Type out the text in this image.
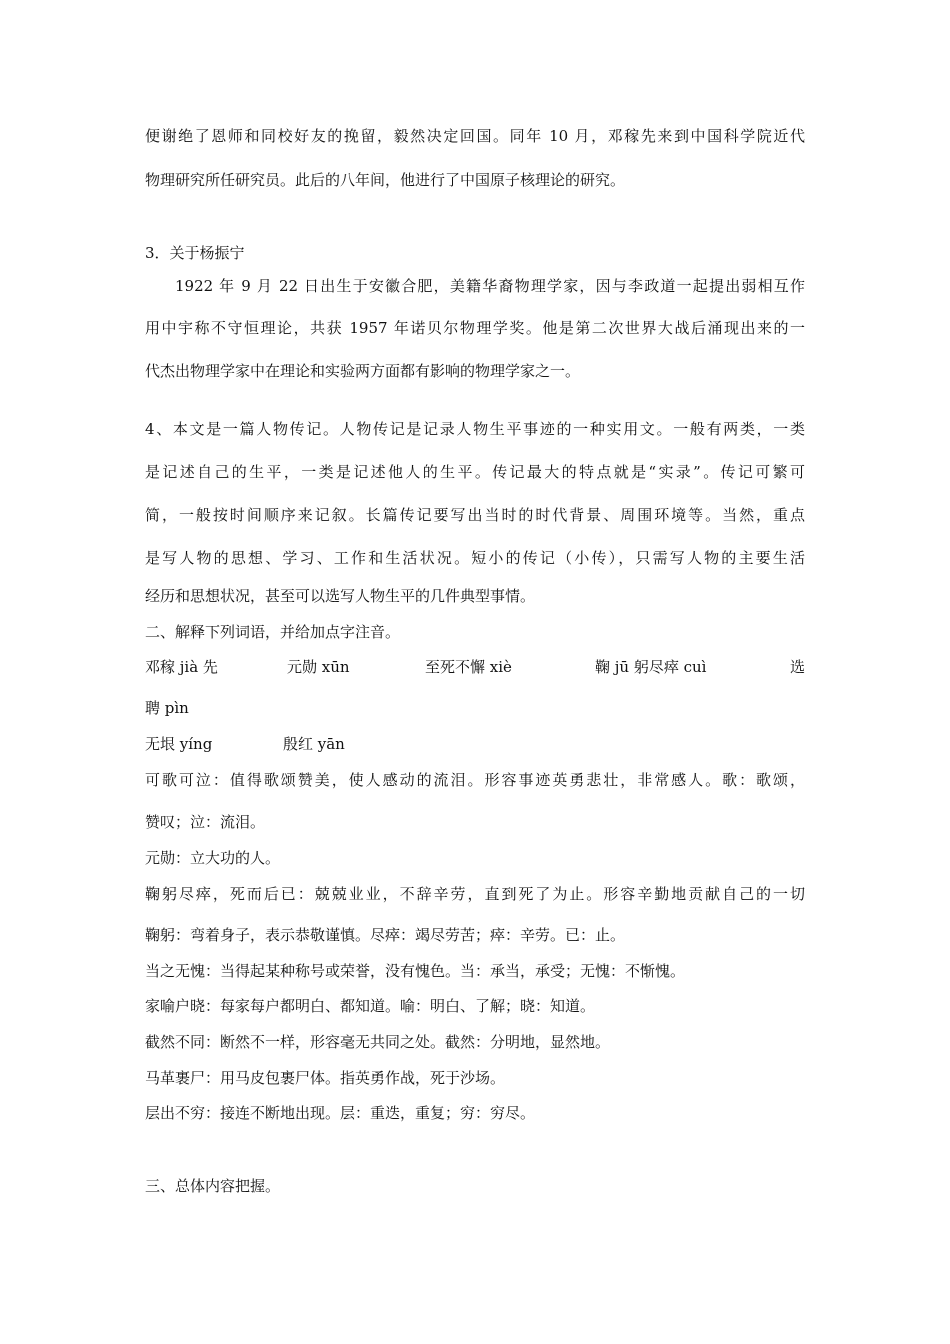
便谢绝了恩师和同校好友的挽留，毅然决定回国。同年 10 月，邓稼先来到中国科学院近代
物理研究所任研究员。此后的八年间，他进行了中国原子核理论的研究。
3．关于杨振宁
1922 年 9 月 22 日出生于安徽合肥，美籍华裔物理学家，因与李政道一起提出弱相互作
用中宇称不守恒理论，共获 1957 年诺贝尔物理学奖。他是第二次世界大战后涌现出来的一
代杰出物理学家中在理论和实验两方面都有影响的物理学家之一。
4、本文是一篇人物传记。人物传记是记录人物生平事迹的一种实用文。一般有两类，一类
是记述自己的生平，一类是记述他人的生平。传记最大的特点就是“实录”。传记可繁可
简，一般按时间顺序来记叙。长篇传记要写出当时的时代背景、周围环境等。当然，重点
是写人物的思想、学习、工作和生活状况。短小的传记（小传），只需写人物的主要生活
经历和思想状况，甚至可以选写人物生平的几件典型事情。
二、解释下列词语，并给加点字注音。
邓稼 jià 先	元勋 xūn	至死不懈 xiè	鞠 jū 躬尽瘁 cuì	选
聘 pìn
无垠 yíng	殷红 yān
可歌可泣：值得歌颂赞美，使人感动的流泪。形容事迹英勇悲壮，非常感人。歌：歌颂，
赞叹；泣：流泪。
元勋：立大功的人。
鞠躬尽瘁，死而后已：兢兢业业，不辞辛劳，直到死了为止。形容辛勤地贡献自己的一切
鞠躬：弯着身子，表示恭敬谨慎。尽瘁：竭尽劳苦；瘁：辛劳。已：止。
当之无愧：当得起某种称号或荣誉，没有愧色。当：承当，承受；无愧：不惭愧。
家喻户晓：每家每户都明白、都知道。喻：明白、了解；晓：知道。
截然不同：断然不一样，形容毫无共同之处。截然：分明地，显然地。
马革裹尸：用马皮包裹尸体。指英勇作战，死于沙场。
层出不穷：接连不断地出现。层：重迭，重复；穷：穷尽。
三、总体内容把握。
